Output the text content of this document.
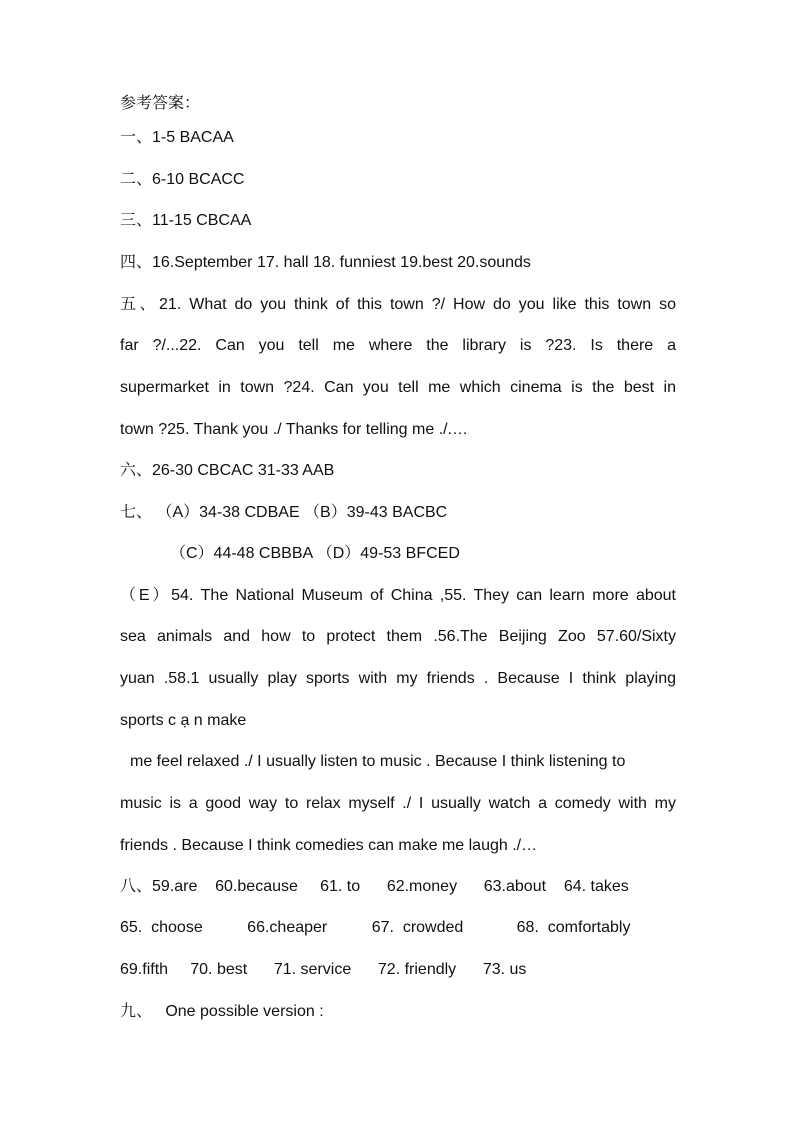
参考答案：
一、1-5 BACAA
二、6-10 BCACC
三、11-15 CBCAA
四、16.September 17. hall 18. funniest 19.best 20.sounds
五、21. What do you think of this town ?/ How do you like this town so
far ?/...22. Can you tell me where the library is ?23. Is there a
supermarket in town ?24. Can you tell me which cinema is the best in
town ?25. Thank you ./ Thanks for telling me ./.…
六、26-30 CBCAC 31-33 AAB
七、 （A）34-38 CDBAE （B）39-43 BACBC
（C）44-48 CBBBA （D）49-53 BFCED
（E）54. The National Museum of China ,55. They can learn more about
sea animals and how to protect them .56.The Beijing Zoo 57.60/Sixty
yuan .58.1 usually play sports with my friends . Because I think playing
sports c ạ n make
me feel relaxed ./ I usually listen to music . Because I think listening to
music is a good way to relax myself ./ I usually watch a comedy with my
friends . Because I think comedies can make me laugh ./…
八、59.are    60.because     61. to      62.money      63.about    64. takes
65.  choose          66.cheaper          67.  crowded            68.  comfortably
69.fifth     70. best      71. service      72. friendly      73. us
九、   One possible version :
